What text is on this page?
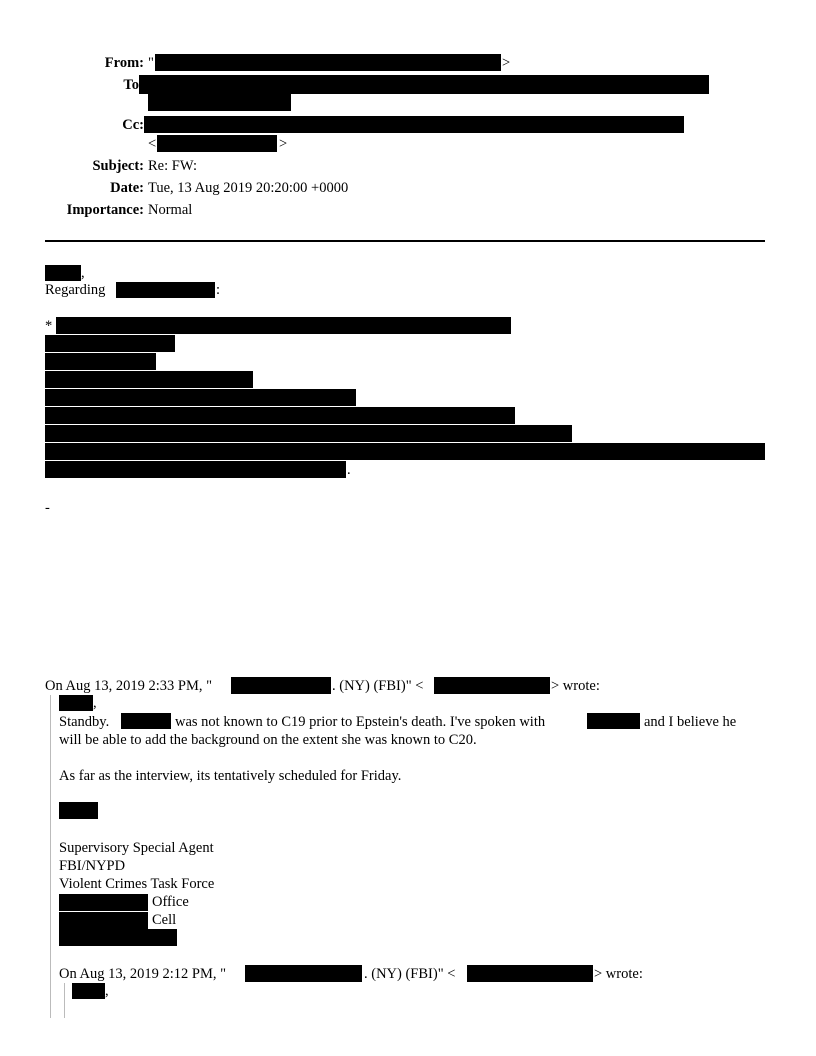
From: "	>
To
Cc:
<	>
Subject: Re: FW:
Date: Tue, 13 Aug 2019 20:20:00 +0000
Importance: Normal
,
Regarding	:
*
.
-
On Aug 13, 2019 2:33 PM, "	. (NY) (FBI)" <	> wrote:
,
Standby.	was not known to C19 prior to Epstein's death. I've spoken with	and I believe he
will be able to add the background on the extent she was known to C20.
As far as the interview, its tentatively scheduled for Friday.
Supervisory Special Agent
FBI/NYPD
Violent Crimes Task Force
Office
Cell
On Aug 13, 2019 2:12 PM, "	. (NY) (FBI)" <	> wrote:
,
